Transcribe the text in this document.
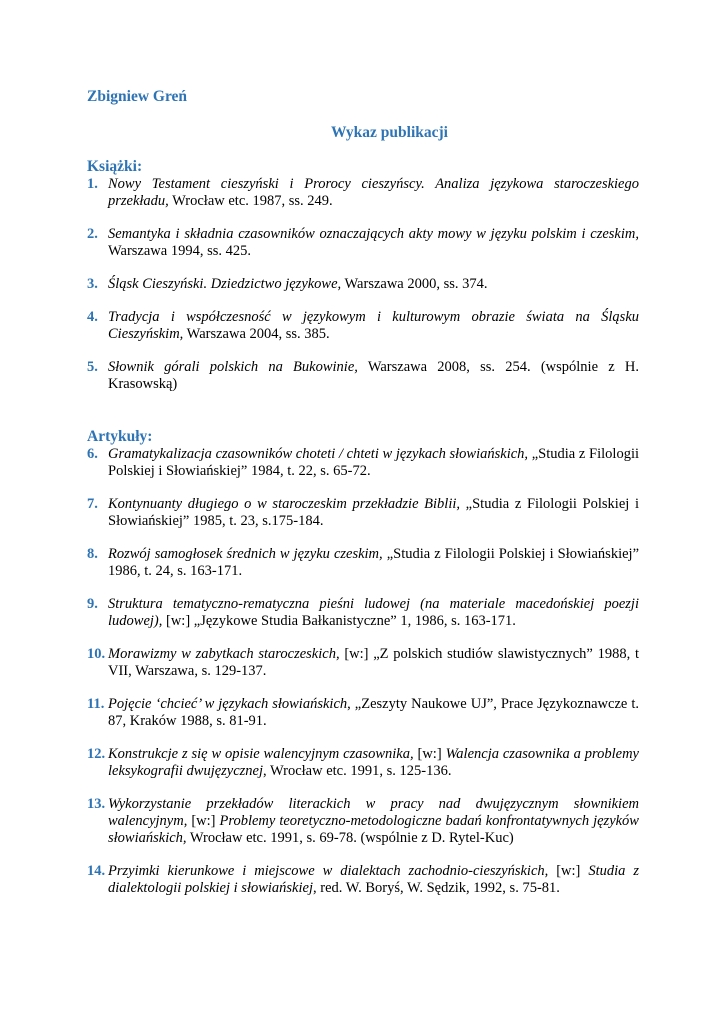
Zbigniew Greń
Wykaz publikacji
Książki:
1. Nowy Testament cieszyński i Prorocy cieszyńscy. Analiza językowa staroczeskiego przekładu, Wrocław etc. 1987, ss. 249.
2. Semantyka i składnia czasowników oznaczających akty mowy w języku polskim i czeskim, Warszawa 1994, ss. 425.
3. Śląsk Cieszyński. Dziedzictwo językowe, Warszawa 2000, ss. 374.
4. Tradycja i współczesność w językowym i kulturowym obrazie świata na Śląsku Cieszyńskim, Warszawa 2004, ss. 385.
5. Słownik górali polskich na Bukowinie, Warszawa 2008, ss. 254. (wspólnie z H. Krasowską)
Artykuły:
6. Gramatykalizacja czasowników choteti / chteti w językach słowiańskich, „Studia z Filologii Polskiej i Słowiańskiej” 1984, t. 22, s. 65-72.
7. Kontynuanty długiego o w staroczeskim przekładzie Biblii, „Studia z Filologii Polskiej i Słowiańskiej” 1985, t. 23, s.175-184.
8. Rozwój samogłosek średnich w języku czeskim, „Studia z Filologii Polskiej i Słowiańskiej” 1986, t. 24, s. 163-171.
9. Struktura tematyczno-rematyczna pieśni ludowej (na materiale macedońskiej poezji ludowej), [w:] „Językowe Studia Bałkanistyczne” 1, 1986, s. 163-171.
10. Morawizmy w zabytkach staroczeskich, [w:] „Z polskich studiów slawistycznych” 1988, t VII, Warszawa, s. 129-137.
11. Pojęcie ‘chcieć’ w językach słowiańskich, „Zeszyty Naukowe UJ”, Prace Językoznawcze t. 87, Kraków 1988, s. 81-91.
12. Konstrukcje z się w opisie walencyjnym czasownika, [w:] Walencja czasownika a problemy leksykografii dwujęzycznej, Wrocław etc. 1991, s. 125-136.
13. Wykorzystanie przekładów literackich w pracy nad dwujęzycznym słownikiem walencyjnym, [w:] Problemy teoretyczno-metodologiczne badań konfrontatywnych języków słowiańskich, Wrocław etc. 1991, s. 69-78. (wspólnie z D. Rytel-Kuc)
14. Przyimki kierunkowe i miejscowe w dialektach zachodnio-cieszyńskich, [w:] Studia z dialektologii polskiej i słowiańskiej, red. W. Boryś, W. Sędzik, 1992, s. 75-81.
